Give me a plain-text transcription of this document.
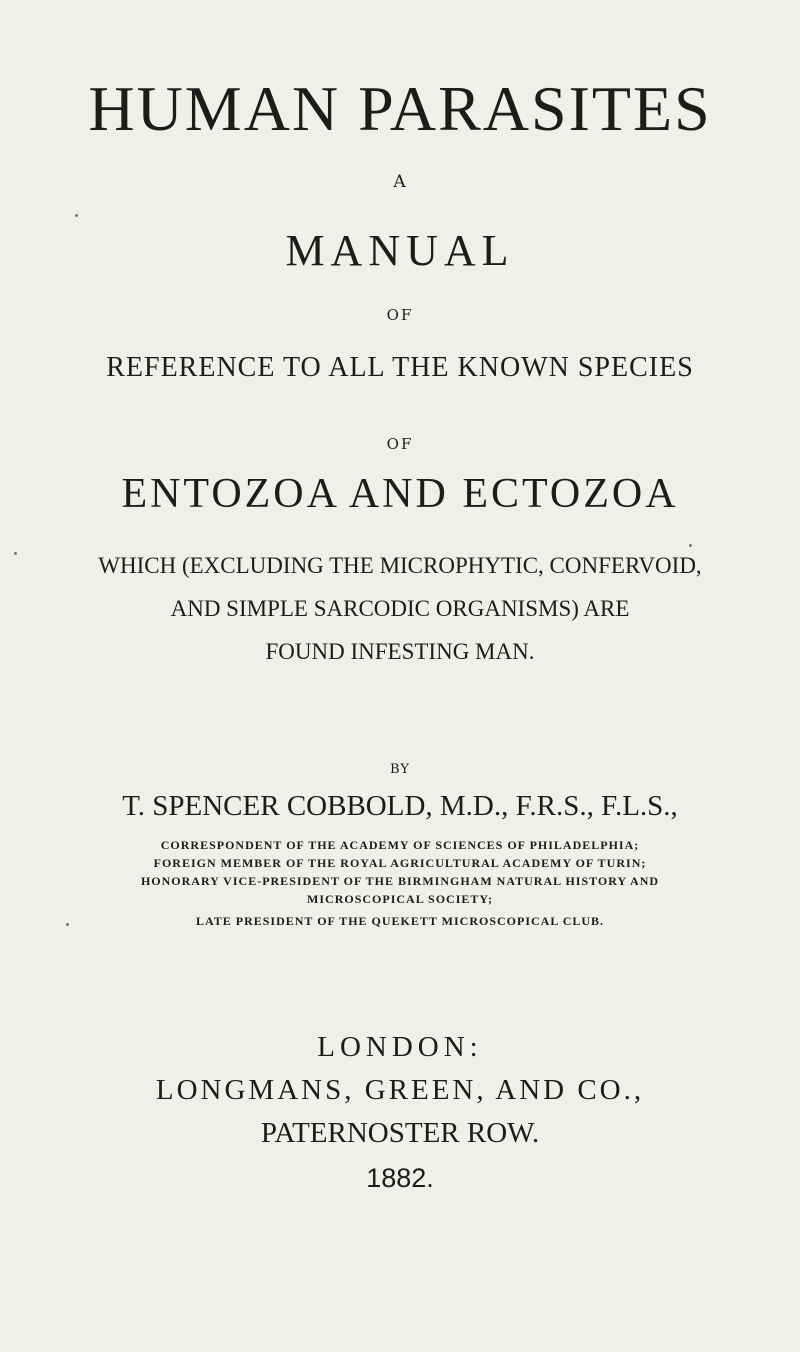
HUMAN PARASITES
A
MANUAL
OF
REFERENCE TO ALL THE KNOWN SPECIES
OF
ENTOZOA AND ECTOZOA
WHICH (EXCLUDING THE MICROPHYTIC, CONFERVOID,
AND SIMPLE SARCODIC ORGANISMS) ARE
FOUND INFESTING MAN.
BY
T. SPENCER COBBOLD, M.D., F.R.S., F.L.S.,
CORRESPONDENT OF THE ACADEMY OF SCIENCES OF PHILADELPHIA;
FOREIGN MEMBER OF THE ROYAL AGRICULTURAL ACADEMY OF TURIN;
HONORARY VICE-PRESIDENT OF THE BIRMINGHAM NATURAL HISTORY AND
MICROSCOPICAL SOCIETY;
LATE PRESIDENT OF THE QUEKETT MICROSCOPICAL CLUB.
LONDON:
LONGMANS, GREEN, AND CO.,
PATERNOSTER ROW.
1882.
